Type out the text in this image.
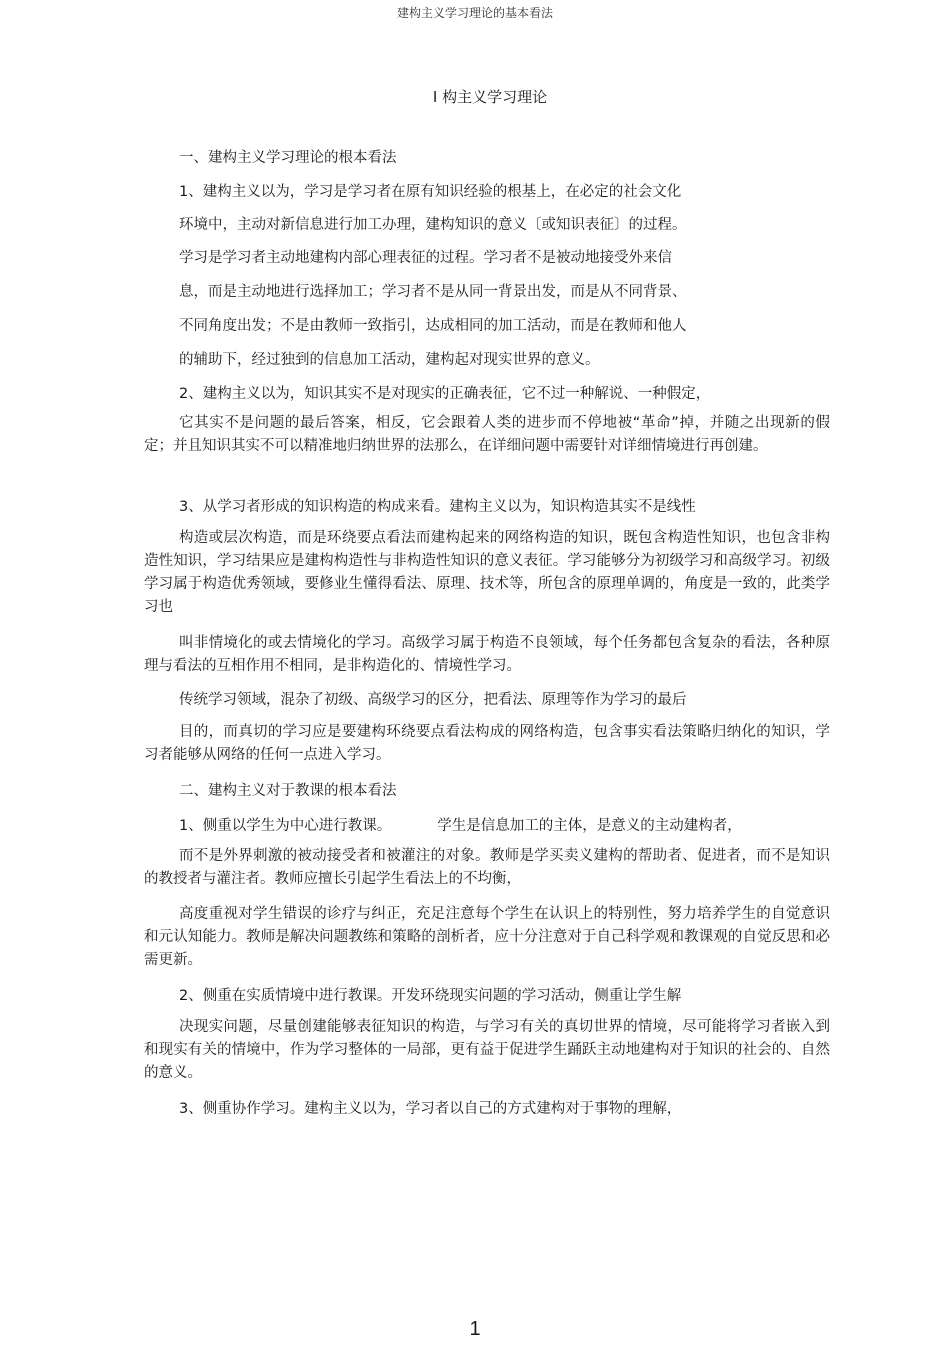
建构主义学习理论的基本看法
I 构主义学习理论
一、建构主义学习理论的根本看法
1、建构主义以为，学习是学习者在原有知识经验的根基上，在必定的社会文化
环境中，主动对新信息进行加工办理，建构知识的意义〔或知识表征〕的过程。
学习是学习者主动地建构内部心理表征的过程。学习者不是被动地接受外来信
息，而是主动地进行选择加工；学习者不是从同一背景出发，而是从不同背景、
不同角度出发；不是由教师一致指引，达成相同的加工活动，而是在教师和他人
的辅助下，经过独到的信息加工活动，建构起对现实世界的意义。
2、建构主义以为，知识其实不是对现实的正确表征，它不过一种解说、一种假定，

它其实不是问题的最后答案，相反，它会跟着人类的进步而不停地被“革命”掉，并随之出现新的假定；并且知识其实不可以精准地归纳世界的法那么，在详细问题中需要针对详细情境进行再创建。

3、从学习者形成的知识构造的构成来看。建构主义以为，知识构造其实不是线性

构造或层次构造，而是环绕要点看法而建构起来的网络构造的知识，既包含构造性知识，也包含非构造性知识，学习结果应是建构构造性与非构造性知识的意义表征。学习能够分为初级学习和高级学习。初级学习属于构造优秀领域，要修业生懂得看法、原理、技术等，所包含的原理单调的，角度是一致的，此类学习也

叫非情境化的或去情境化的学习。高级学习属于构造不良领域，每个任务都包含复杂的看法，各种原理与看法的互相作用不相同，是非构造化的、情境性学习。

传统学习领域，混杂了初级、高级学习的区分，把看法、原理等作为学习的最后

目的，而真切的学习应是要建构环绕要点看法构成的网络构造，包含事实看法策略归纳化的知识，学习者能够从网络的任何一点进入学习。

二、建构主义对于教课的根本看法
1、侧重以学生为中心进行教课。	学生是信息加工的主体，是意义的主动建构者，

而不是外界刺激的被动接受者和被灌注的对象。教师是学买卖义建构的帮助者、促进者，而不是知识的教授者与灌注者。教师应擅长引起学生看法上的不均衡，

高度重视对学生错误的诊疗与纠正，充足注意每个学生在认识上的特别性，努力培养学生的自觉意识和元认知能力。教师是解决问题教练和策略的剖析者，应十分注意对于自己科学观和教课观的自觉反思和必需更新。

2、侧重在实质情境中进行教课。开发环绕现实问题的学习活动，侧重让学生解

决现实问题，尽量创建能够表征知识的构造，与学习有关的真切世界的情境，尽可能将学习者嵌入到和现实有关的情境中，作为学习整体的一局部，更有益于促进学生踊跃主动地建构对于知识的社会的、自然的意义。

3、侧重协作学习。建构主义以为，学习者以自己的方式建构对于事物的理解，
1
